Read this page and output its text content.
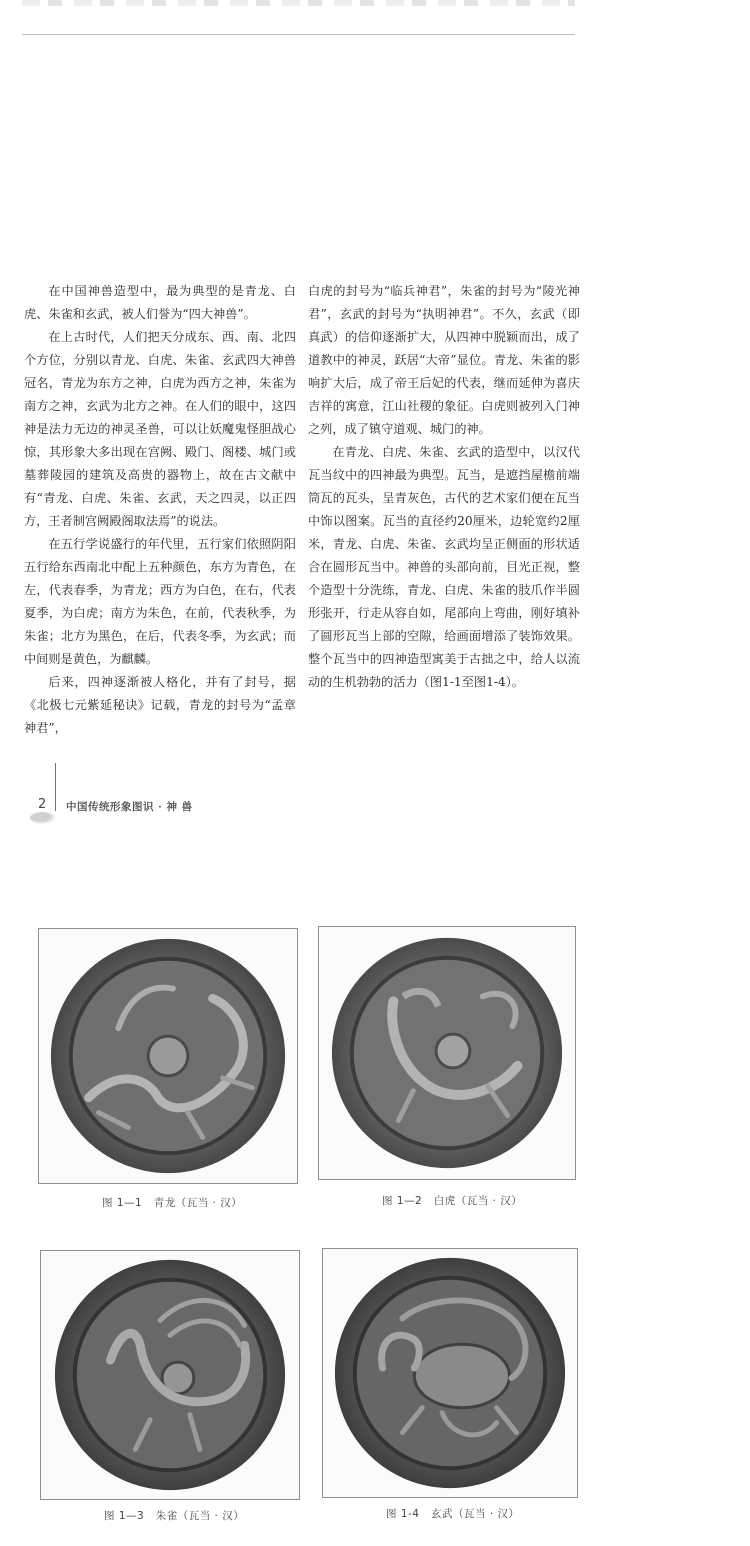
在中国神兽造型中，最为典型的是青龙、白虎、朱雀和玄武，被人们誉为“四大神兽”。

在上古时代，人们把天分成东、西、南、北四个方位，分别以青龙、白虎、朱雀、玄武四大神兽冠名，青龙为东方之神，白虎为西方之神，朱雀为南方之神，玄武为北方之神。在人们的眼中，这四神是法力无边的神灵圣兽，可以让妖魔鬼怪胆战心惊，其形象大多出现在宫阙、殿门、阁楼、城门或墓葬陵园的建筑及高贵的器物上，故在古文献中有“青龙、白虎、朱雀、玄武，天之四灵，以正四方，王者制宫阙殿阁取法焉”的说法。

在五行学说盛行的年代里，五行家们依照阴阳五行给东西南北中配上五种颜色，东方为青色，在左，代表春季，为青龙；西方为白色，在右，代表夏季，为白虎；南方为朱色，在前，代表秋季，为朱雀；北方为黑色，在后，代表冬季，为玄武；而中间则是黄色，为麒麟。

后来，四神逐渐被人格化，并有了封号，据《北极七元紫延秘诀》记载，青龙的封号为“孟章神君”，

白虎的封号为“临兵神君”，朱雀的封号为“陵光神君”，玄武的封号为“执明神君”。不久，玄武（即真武）的信仰逐渐扩大，从四神中脱颖而出，成了道教中的神灵，跃居“大帝”显位。青龙、朱雀的影响扩大后，成了帝王后妃的代表，继而延伸为喜庆吉祥的寓意，江山社稷的象征。白虎则被列入门神之列，成了镇守道观、城门的神。

在青龙、白虎、朱雀、玄武的造型中，以汉代瓦当纹中的四神最为典型。瓦当，是遮挡屋檐前端筒瓦的瓦头，呈青灰色，古代的艺术家们便在瓦当中饰以图案。瓦当的直径约20厘米，边轮宽约2厘米，青龙、白虎、朱雀、玄武均呈正侧面的形状适合在圆形瓦当中。神兽的头部向前，目光正视，整个造型十分洗练，青龙、白虎、朱雀的肢爪作半圆形张开，行走从容自如，尾部向上弯曲，刚好填补了圆形瓦当上部的空隙，给画面增添了装饰效果。整个瓦当中的四神造型寓美于古拙之中，给人以流动的生机勃勃的活力（图1-1至图1-4）。

2 中国传统形象图识 · 神 兽
图 1—1   青龙（瓦当 · 汉）	图 1—2   白虎（瓦当 · 汉）
图 1—3   朱雀（瓦当 · 汉）	图 1-4   玄武（瓦当 · 汉）
